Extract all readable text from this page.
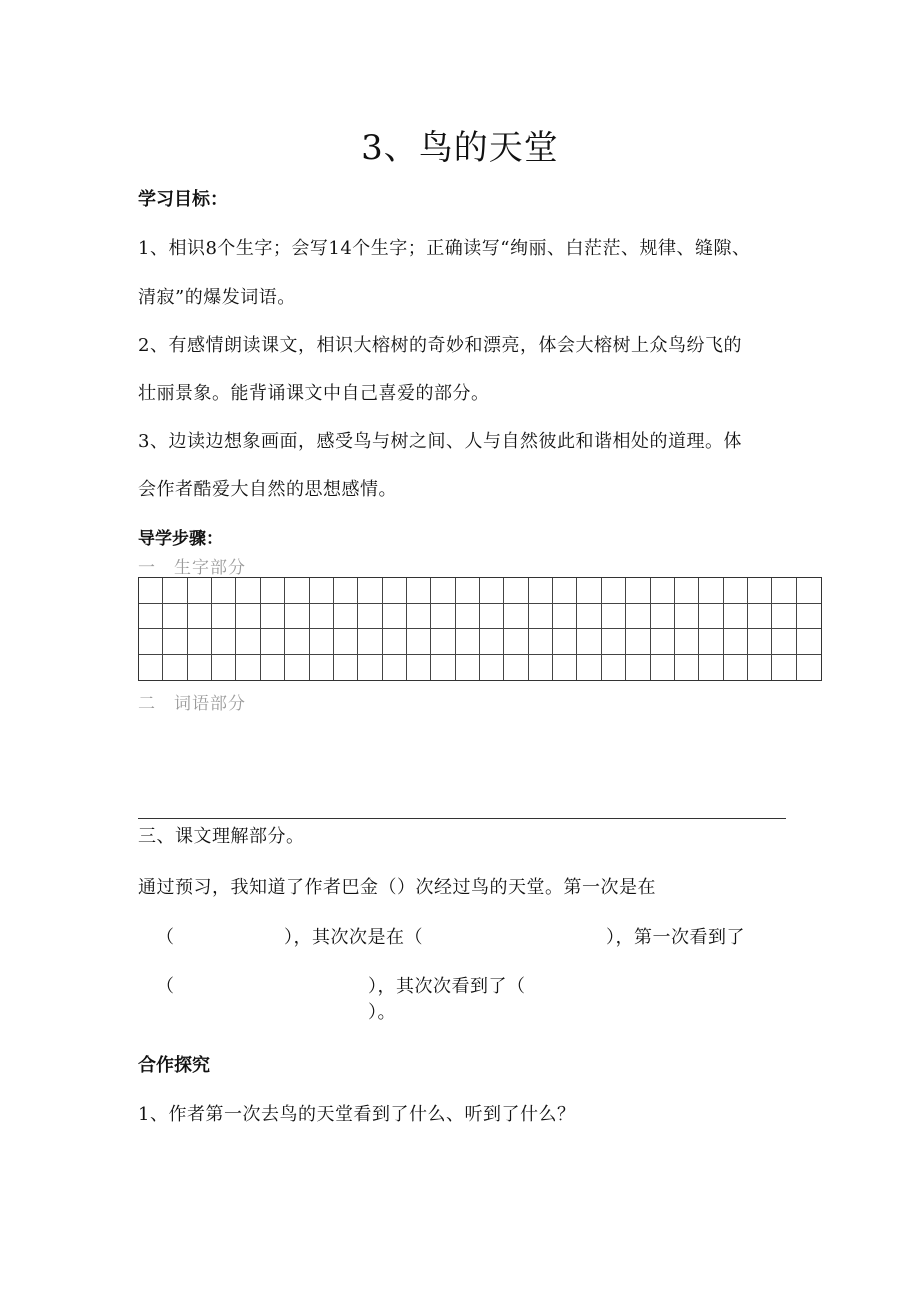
3、鸟的天堂
学习目标：
1、相识8个生字；会写14个生字；正确读写“绚丽、白茫茫、规律、缝隙、
清寂”的爆发词语。
2、有感情朗读课文，相识大榕树的奇妙和漂亮，体会大榕树上众鸟纷飞的
壮丽景象。能背诵课文中自己喜爱的部分。
3、边读边想象画面，感受鸟与树之间、人与自然彼此和谐相处的道理。体
会作者酷爱大自然的思想感情。
导学步骤：
一　生字部分
二　词语部分
三、课文理解部分。
通过预习，我知道了作者巴金（）次经过鸟的天堂。第一次是在
（	），其次次是在（	），第一次看到了
（	），其次次看到了（
）。
合作探究
1、作者第一次去鸟的天堂看到了什么、听到了什么？
